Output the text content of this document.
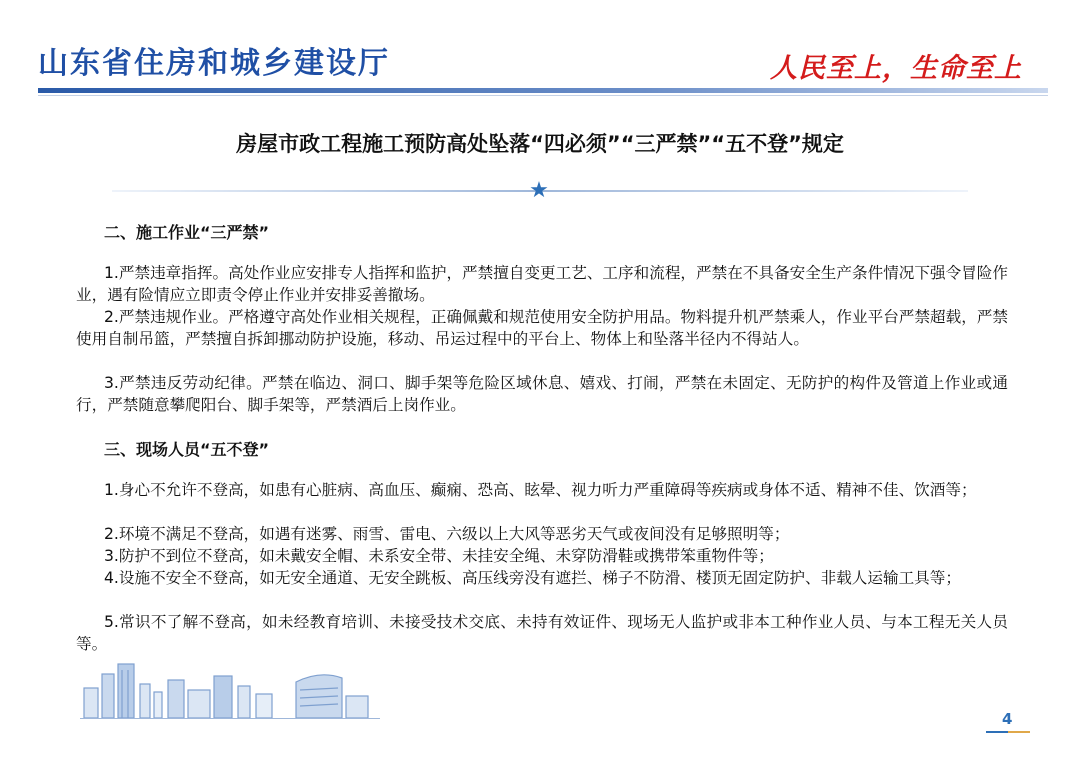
山东省住房和城乡建设厅	人民至上，生命至上
房屋市政工程施工预防高处坠落“四必须”“三严禁”“五不登”规定
★
二、施工作业“三严禁”
1.严禁违章指挥。高处作业应安排专人指挥和监护，严禁擅自变更工艺、工序和流程，严禁在不具备安全生产条件情况下强令冒险作业，遇有险情应立即责令停止作业并安排妥善撤场。
2.严禁违规作业。严格遵守高处作业相关规程，正确佩戴和规范使用安全防护用品。物料提升机严禁乘人，作业平台严禁超载，严禁使用自制吊篮，严禁擅自拆卸挪动防护设施，移动、吊运过程中的平台上、物体上和坠落半径内不得站人。
3.严禁违反劳动纪律。严禁在临边、洞口、脚手架等危险区域休息、嬉戏、打闹，严禁在未固定、无防护的构件及管道上作业或通行，严禁随意攀爬阳台、脚手架等，严禁酒后上岗作业。
三、现场人员“五不登”
1.身心不允许不登高，如患有心脏病、高血压、癫痫、恐高、眩晕、视力听力严重障碍等疾病或身体不适、精神不佳、饮酒等；
2.环境不满足不登高，如遇有迷雾、雨雪、雷电、六级以上大风等恶劣天气或夜间没有足够照明等；
3.防护不到位不登高，如未戴安全帽、未系安全带、未挂安全绳、未穿防滑鞋或携带笨重物件等；
4.设施不安全不登高，如无安全通道、无安全跳板、高压线旁没有遮拦、梯子不防滑、楼顶无固定防护、非载人运输工具等；
5.常识不了解不登高，如未经教育培训、未接受技术交底、未持有效证件、现场无人监护或非本工种作业人员、与本工程无关人员等。
4
